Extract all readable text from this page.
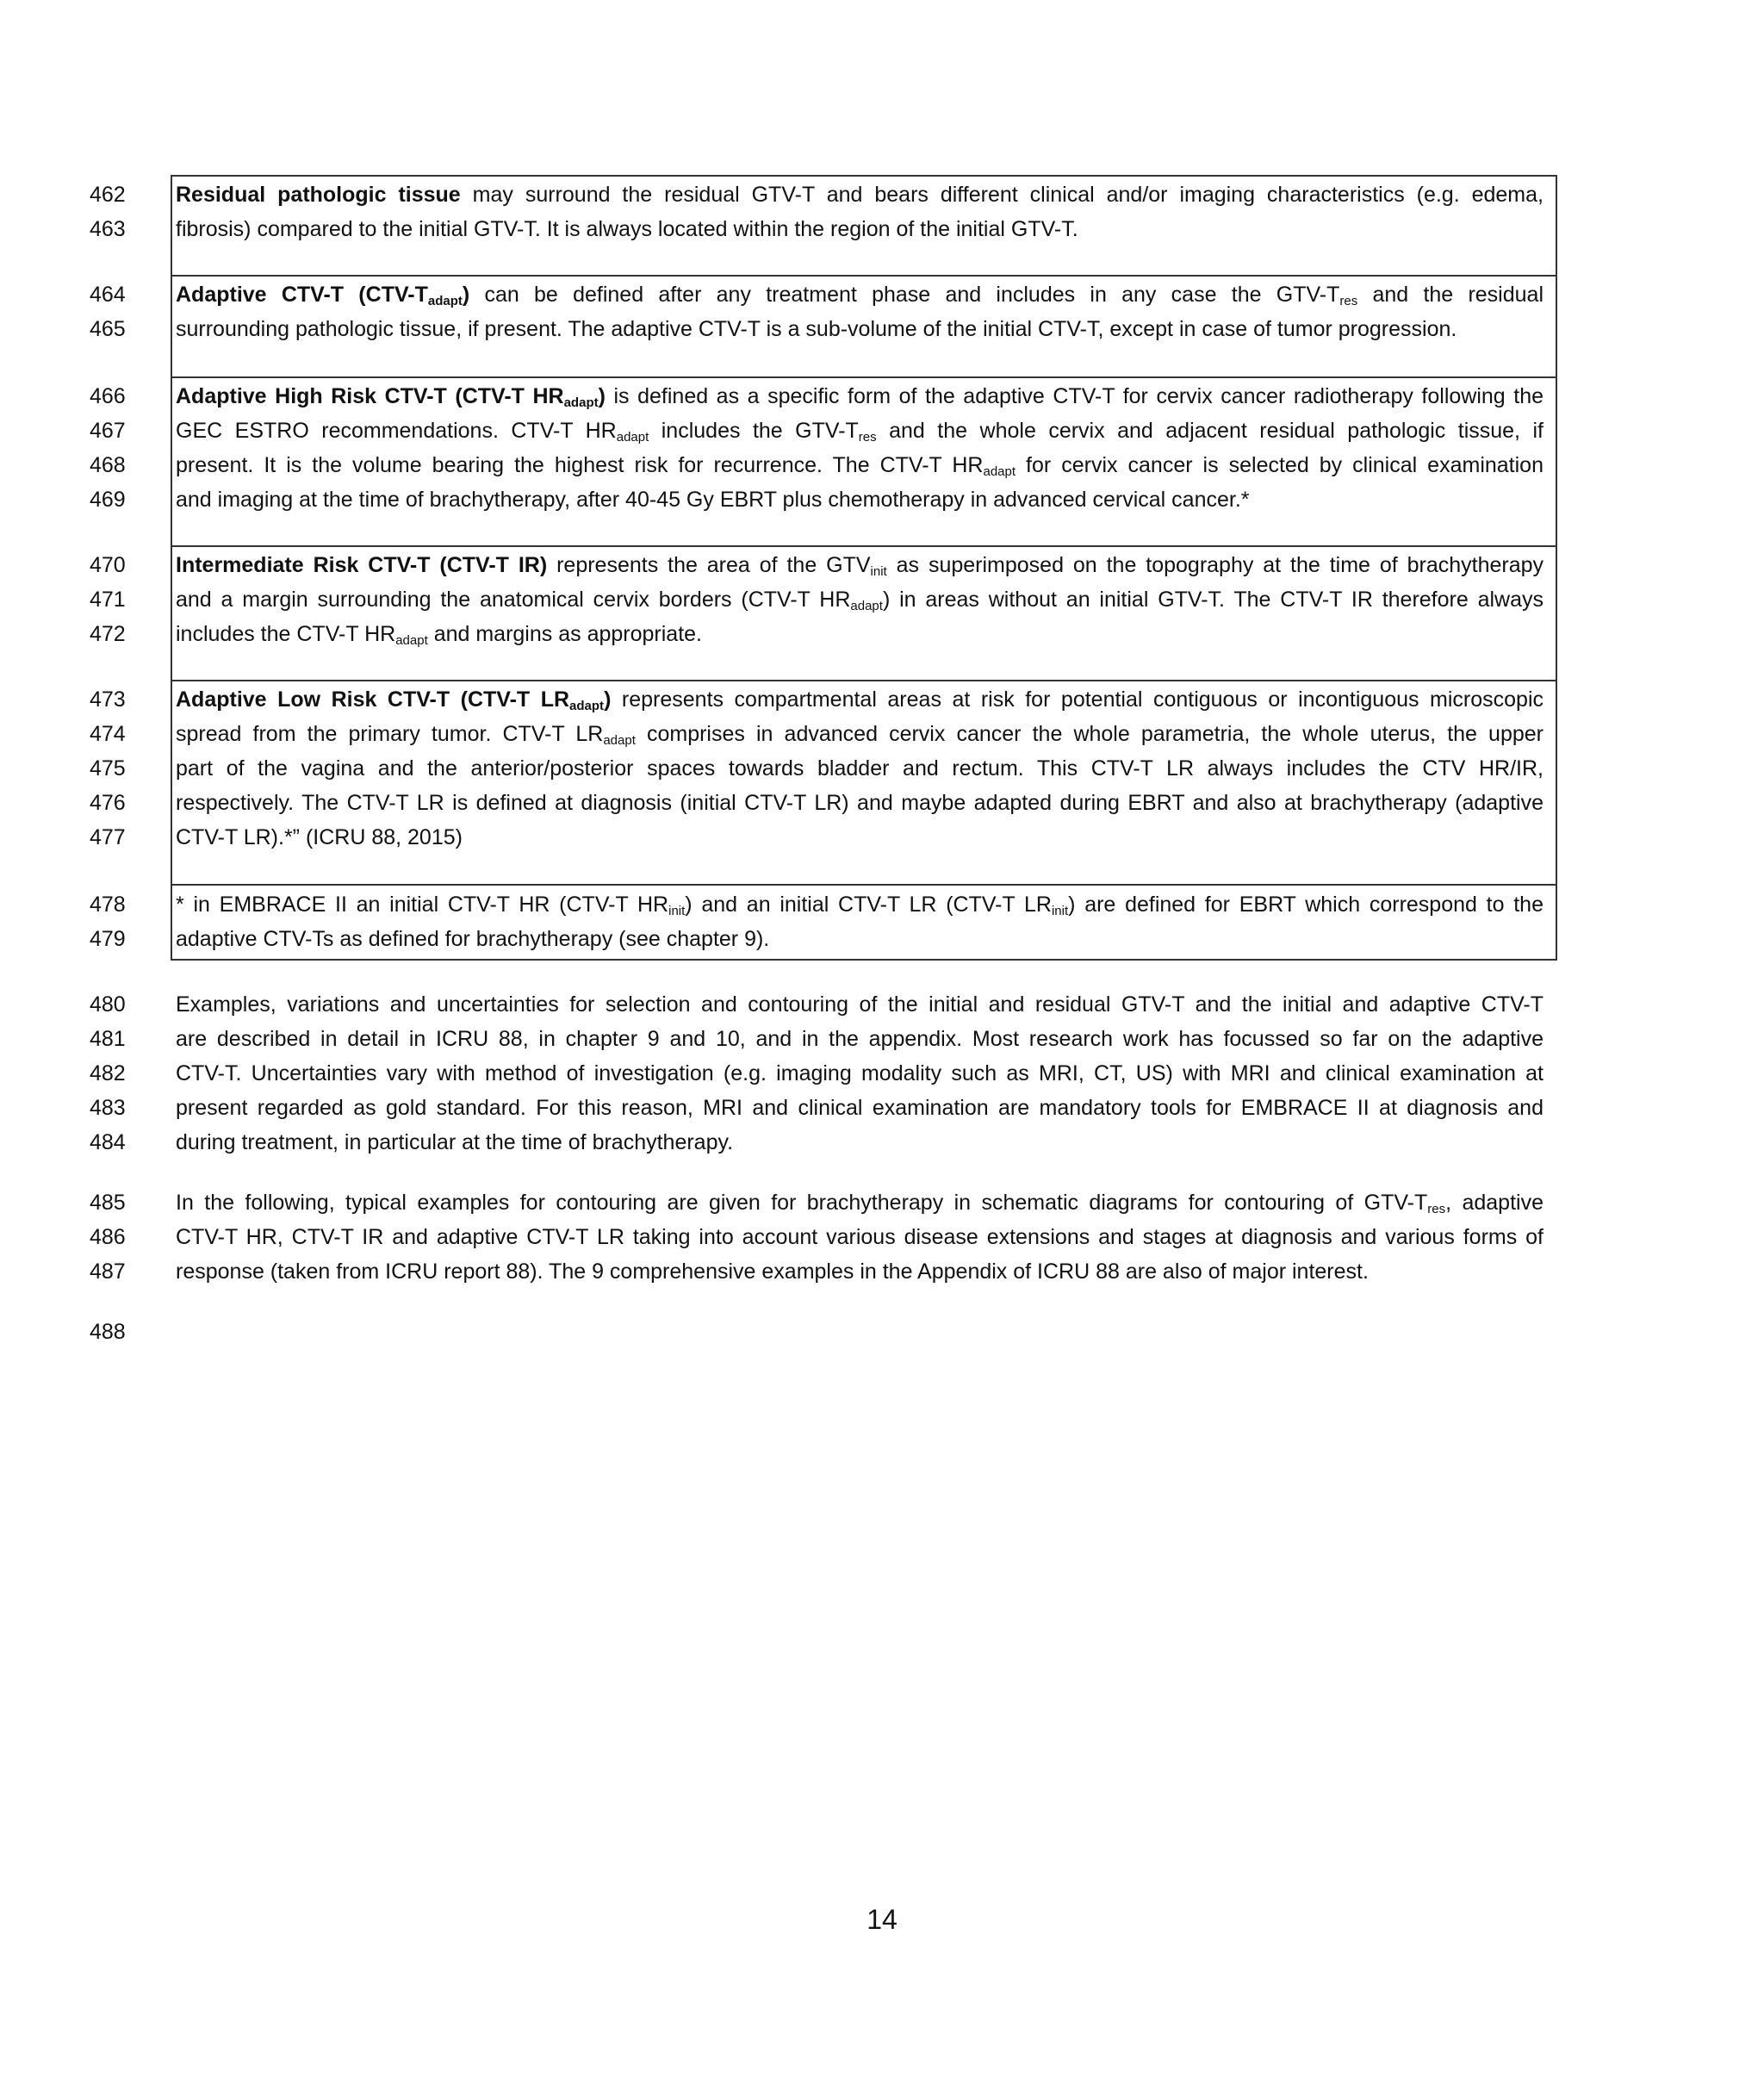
462
463
464
465
466
467
468
469
470
471
472
473
474
475
476
477
478
479
480
481
482
483
484
485
486
487
488
Residual pathologic tissue may surround the residual GTV-T and bears different clinical and/or imaging characteristics (e.g. edema,
fibrosis) compared to the initial GTV-T. It is always located within the region of the initial GTV-T.
Adaptive CTV-T $(CTV-T_{adapt})$ can be defined after any treatment phase and includes in any case the GTV-$T_{res}$ and the residual
surrounding pathologic tissue, if present. The adaptive CTV-T is a sub-volume of the initial CTV-T, except in case of tumor progression.
Adaptive High Risk CTV-T (CTV-T $HR_{adapt}$) is defined as a specific form of the adaptive CTV-T for cervix cancer radiotherapy following the
GEC ESTRO recommendations. CTV-T $HR_{adapt}$ includes the GTV-$T_{res}$ and the whole cervix and adjacent residual pathologic tissue, if
present. It is the volume bearing the highest risk for recurrence. The CTV-T $HR_{adapt}$ for cervix cancer is selected by clinical examination
and imaging at the time of brachytherapy, after 40-45 Gy EBRT plus chemotherapy in advanced cervical cancer.*
Intermediate Risk CTV-T (CTV-T IR) represents the area of the $GTV_{init}$ as superimposed on the topography at the time of brachytherapy
and a margin surrounding the anatomical cervix borders (CTV-T $HR_{adapt}$) in areas without an initial GTV-T. The CTV-T IR therefore always
includes the CTV-T $HR_{adapt}$ and margins as appropriate.
Adaptive Low Risk CTV-T (CTV-T $LR_{adapt}$) represents compartmental areas at risk for potential contiguous or incontiguous microscopic
spread from the primary tumor. CTV-T $LR_{adapt}$ comprises in advanced cervix cancer the whole parametria, the whole uterus, the upper
part of the vagina and the anterior/posterior spaces towards bladder and rectum. This CTV-T LR always includes the CTV HR/IR,
respectively. The CTV-T LR is defined at diagnosis (initial CTV-T LR) and maybe adapted during EBRT and also at brachytherapy (adaptive
CTV-T LR).*” (ICRU 88, 2015)
* in EMBRACE II an initial CTV-T HR (CTV-T $HR_{init}$) and an initial CTV-T LR (CTV-T $LR_{init}$) are defined for EBRT which correspond to the
adaptive CTV-Ts as defined for brachytherapy (see chapter 9).
Examples, variations and uncertainties for selection and contouring of the initial and residual GTV-T and the initial and adaptive CTV-T
are described in detail in ICRU 88, in chapter 9 and 10, and in the appendix. Most research work has focussed so far on the adaptive
CTV-T. Uncertainties vary with method of investigation (e.g. imaging modality such as MRI, CT, US) with MRI and clinical examination at
present regarded as gold standard. For this reason, MRI and clinical examination are mandatory tools for EMBRACE II at diagnosis and
during treatment, in particular at the time of brachytherapy.
In the following, typical examples for contouring are given for brachytherapy in schematic diagrams for contouring of GTV-$T_{res}$, adaptive
CTV-T HR, CTV-T IR and adaptive CTV-T LR taking into account various disease extensions and stages at diagnosis and various forms of
response (taken from ICRU report 88). The 9 comprehensive examples in the Appendix of ICRU 88 are also of major interest.
14
